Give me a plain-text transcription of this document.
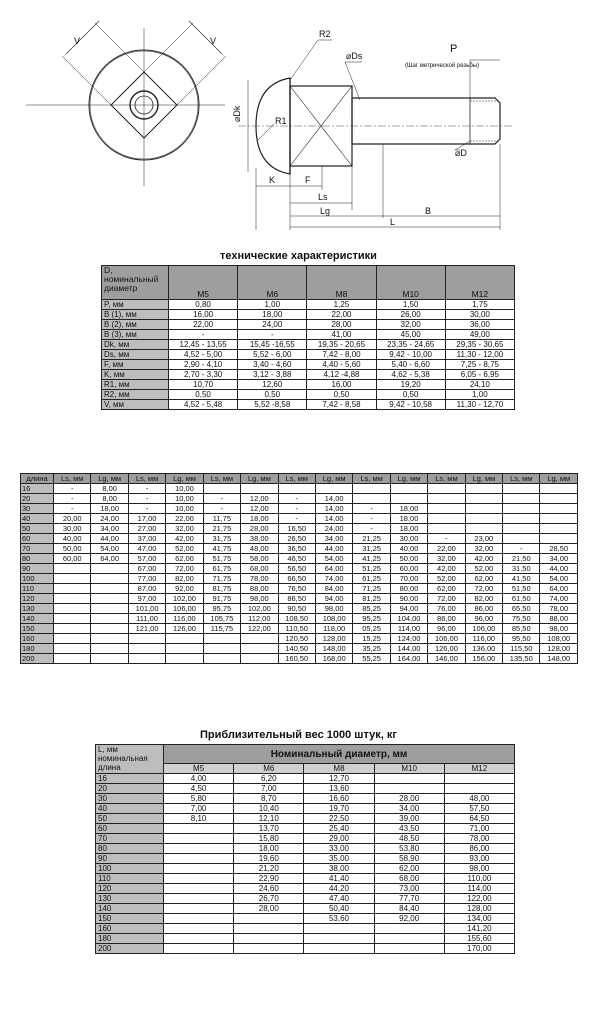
V	V
R2
⌀Ds
P
(Шаг метрической резьбы)
⌀Dk	R1
⌀D
K	F
Ls
Lg	B
L
технические характеристики
D,
номинальный
диаметр	M5	M6	M8	M10	M12
P, мм	0,80	1,00	1,25	1,50	1,75
B (1), мм	16,00	18,00	22,00	26,00	30,00
B (2), мм	22,00	24,00	28,00	32,00	36,00
B (3), мм	-	-	41,00	45,00	49,00
Dk, мм	12,45 - 13,55	15,45 -16,55	19,35 - 20,65	23,35 - 24,65	29,35 - 30,65
Ds, мм	4,52 - 5,00	5,52 - 6,00	7,42 - 8,00	9,42 - 10,00	11,30 - 12,00
F, мм	2,90 - 4,10	3,40 - 4,60	4,40 - 5,60	5,40 - 6,60	7,25 - 8,75
K, мм	2,70 - 3,30	3,12 - 3,88	4,12 -4,88	4,62 - 5,38	6,05 - 6,95
R1, мм	10,70	12,60	16,00	19,20	24,10
R2, мм	0,50	0,50	0,50	0,50	1,00
V, мм	4,52 - 5,48	5,52 -8,58	7,42 - 8,58	9,42 - 10,58	11,30 - 12,70
длина	Ls, мм	Lg, мм	Ls, мм	Lg, мм	Ls, мм	Lg, мм	Ls, мм	Lg, мм	Ls, мм	Lg, мм	Ls, мм	Lg, мм	Ls, мм	Lg, мм
16	-	8,00	-	10,00										
20	-	8,00	-	10,00	-	12,00	-	14,00						
30	-	18,00	-	10,00	-	12,00	-	14,00	-	18,00				
40	20,00	24,00	17,00	22,00	11,75	18,00	-	14,00	-	18,00				
50	30,00	34,00	27,00	32,00	21,75	28,00	16,50	24,00	-	18,00				
60	40,00	44,00	37,00	42,00	31,75	38,00	26,50	34,00	21,25	30,00	-	23,00		
70	50,00	54,00	47,00	52,00	41,75	48,00	36,50	44,00	31,25	40,00	22,00	32,00	-	28,50
80	60,00	64,00	57,00	62,00	51,75	58,00	46,50	54,00	41,25	50,00	32,00	42,00	21,50	34,00
90			67,00	72,00	61,75	68,00	56,50	64,00	51,25	60,00	42,00	52,00	31,50	44,00
100			77,00	82,00	71,75	78,00	66,50	74,00	61,25	70,00	52,00	62,00	41,50	54,00
110			87,00	92,00	81,75	88,00	76,50	84,00	71,25	80,00	62,00	72,00	51,50	64,00
120			97,00	102,00	91,75	98,00	86,50	94,00	81,25	90,00	72,00	82,00	61,50	74,00
130			101,00	106,00	95,75	102,00	90,50	98,00	85,25	94,00	76,00	86,00	65,50	78,00
140			111,00	116,00	105,75	112,00	108,50	108,00	95,25	104,00	86,00	96,00	75,50	88,00
150			121,00	126,00	115,75	122,00	110,50	118,00	05,25	114,00	96,00	106,00	85,50	98,00
160							120,50	128,00	15,25	124,00	106,00	116,00	95,50	108,00
180							140,50	148,00	35,25	144,00	126,00	136,00	115,50	128,00
200							160,50	168,00	55,25	164,00	146,00	156,00	135,50	148,00
Приблизительный вес 1000 штук, кг
L, мм
номинальная
длина	Номинальный диаметр, мм				
	M5	M6	M8	M10	M12
16	4,00	6,20	12,70		
20	4,50	7,00	13,60		
30	5,80	8,70	16,60	28,00	48,00
40	7,00	10,40	19,70	34,00	57,50
50	8,10	12,10	22,50	39,00	64,50
60		13,70	25,40	43,50	71,00
70		15,80	29,00	48,50	78,00
80		18,00	33,00	53,80	86,00
90		19,60	35,00	58,90	93,00
100		21,20	38,00	62,00	98,00
110		22,90	41,40	68,00	110,00
120		24,60	44,20	73,00	114,00
130		26,70	47,40	77,70	122,00
140		28,00	50,40	84,40	128,00
150			53,60	92,00	134,00
160					141,20
180					155,60
200					170,00
